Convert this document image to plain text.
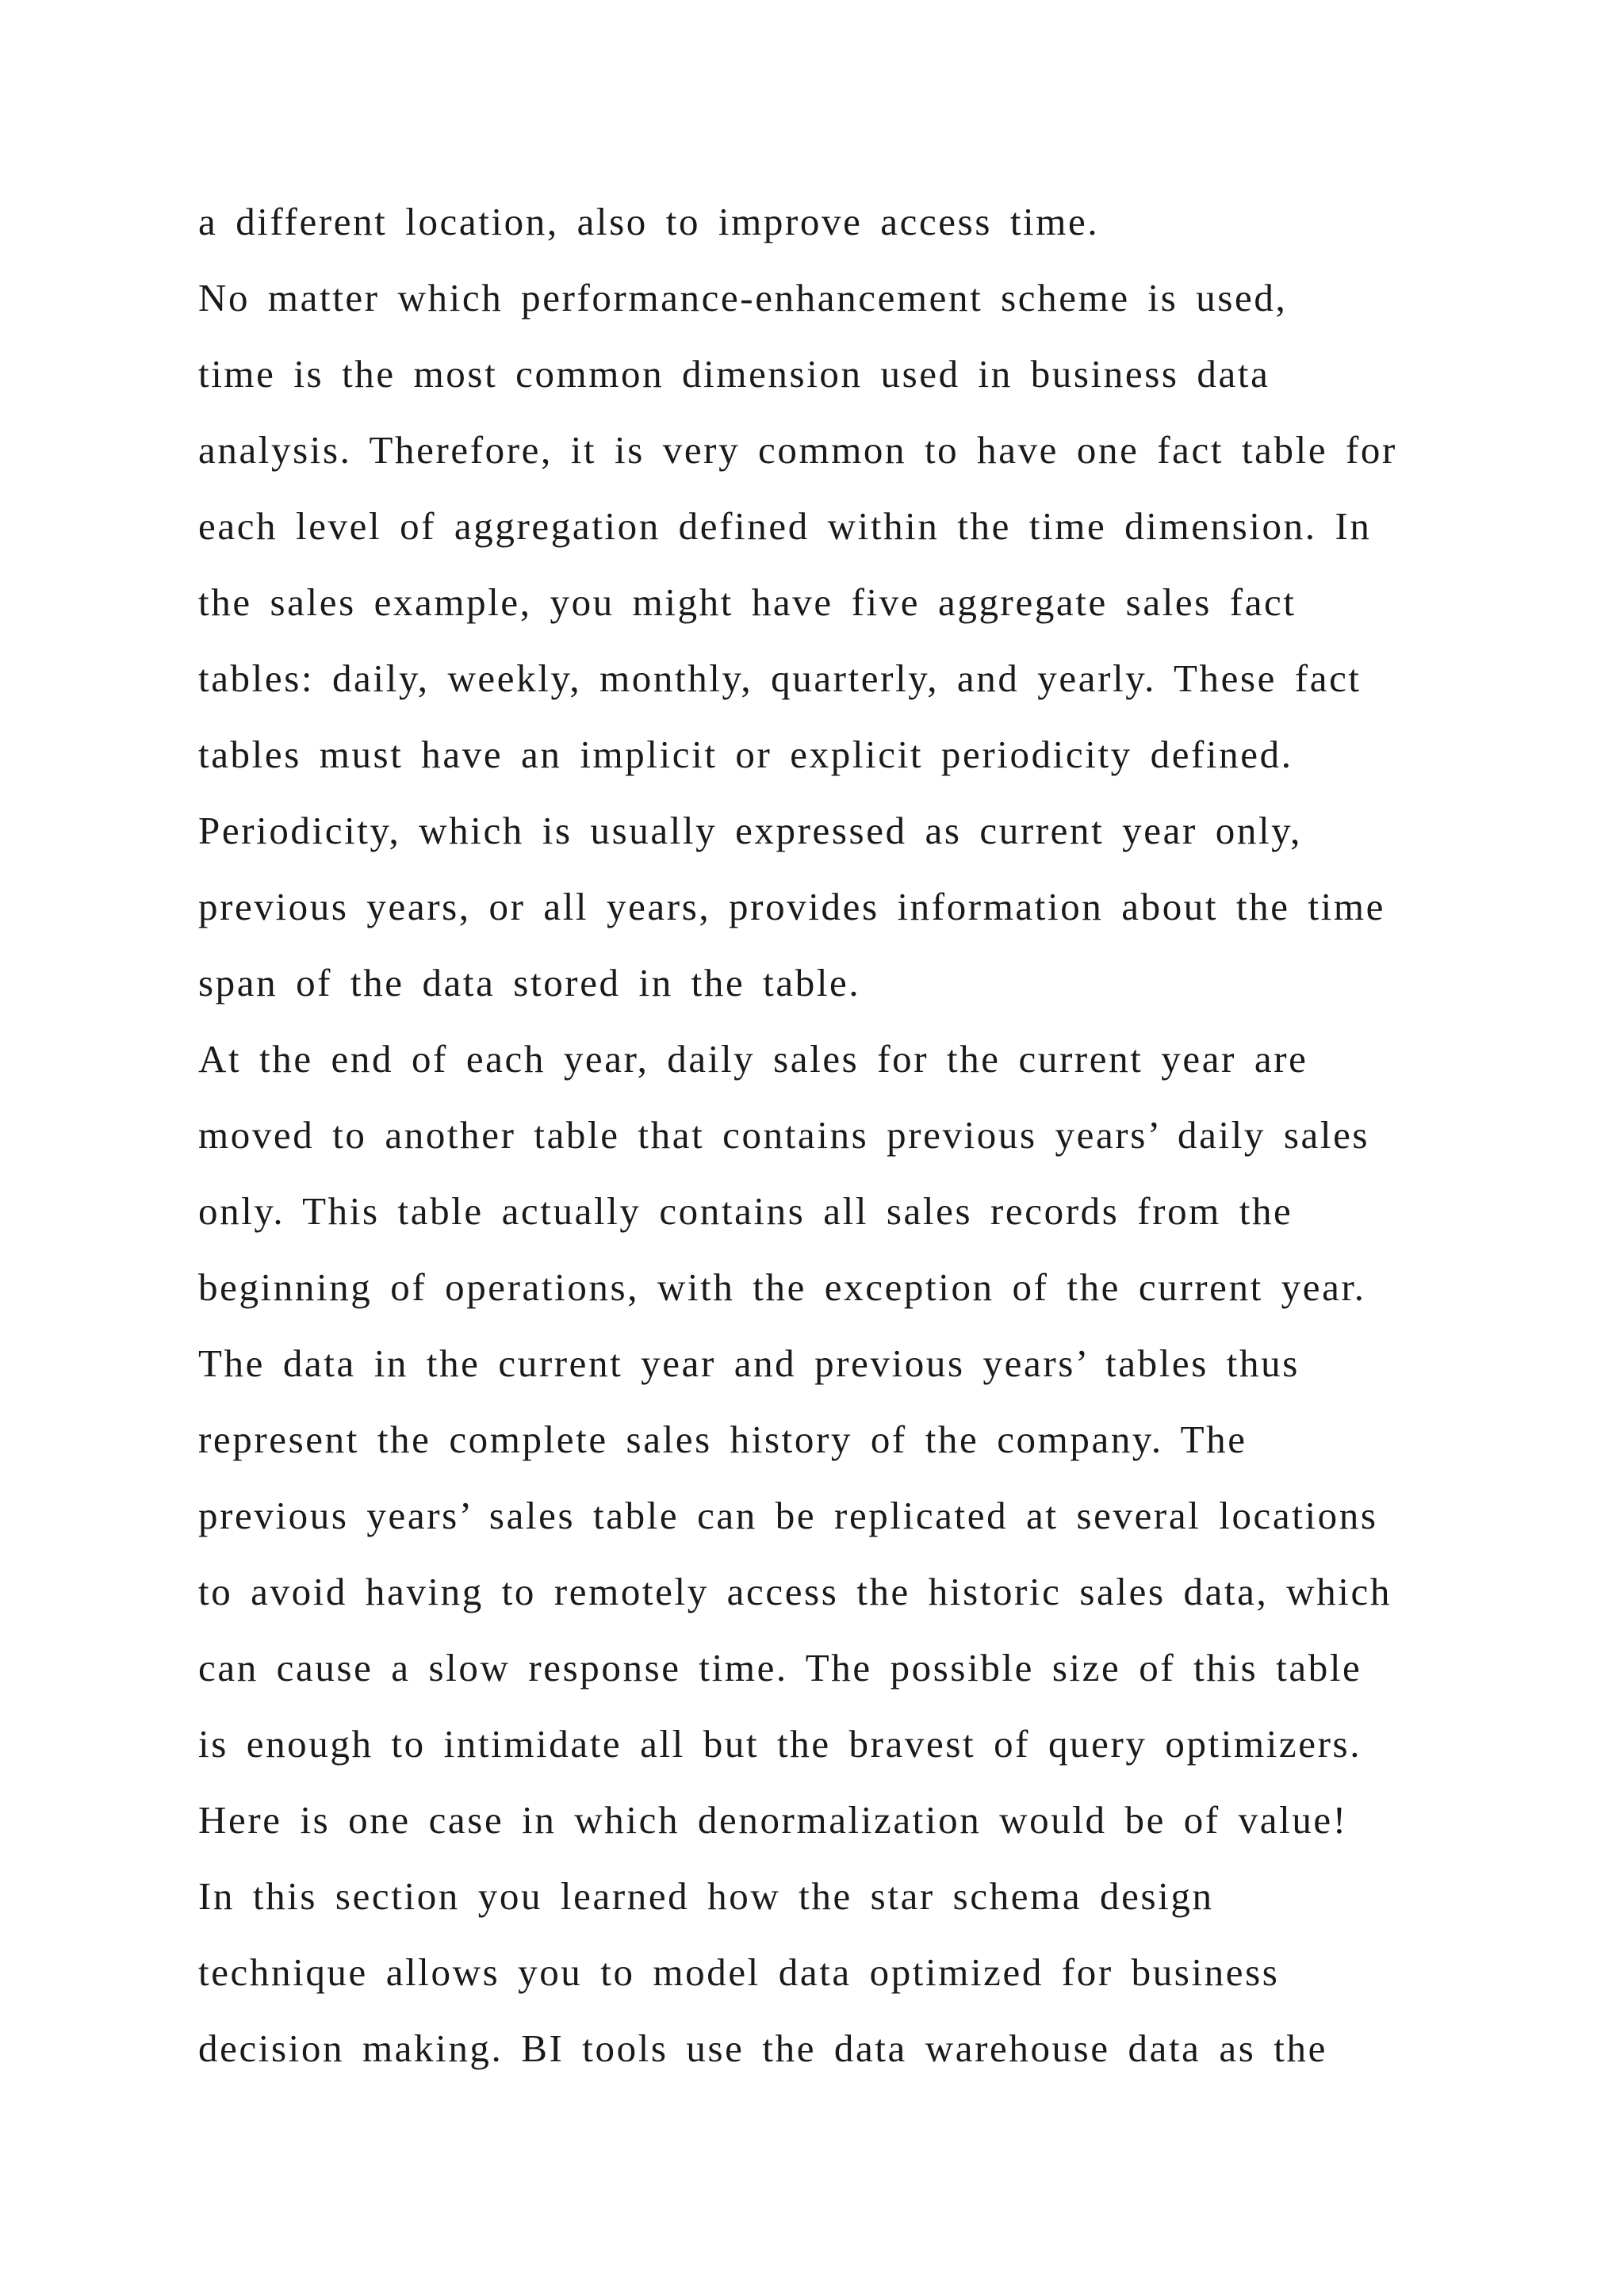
a different location, also to improve access time.
No matter which performance-enhancement scheme is used,
time is the most common dimension used in business data
analysis. Therefore, it is very common to have one fact table for
each level of aggregation defined within the time dimension. In
the sales example, you might have five aggregate sales fact
tables: daily, weekly, monthly, quarterly, and yearly. These fact
tables must have an implicit or explicit periodicity defined.
Periodicity, which is usually expressed as current year only,
previous years, or all years, provides information about the time
span of the data stored in the table.
At the end of each year, daily sales for the current year are
moved to another table that contains previous years’ daily sales
only. This table actually contains all sales records from the
beginning of operations, with the exception of the current year.
The data in the current year and previous years’ tables thus
represent the complete sales history of the company. The
previous years’ sales table can be replicated at several locations
to avoid having to remotely access the historic sales data, which
can cause a slow response time. The possible size of this table
is enough to intimidate all but the bravest of query optimizers.
Here is one case in which denormalization would be of value!
In this section you learned how the star schema design
technique allows you to model data optimized for business
decision making. BI tools use the data warehouse data as the
